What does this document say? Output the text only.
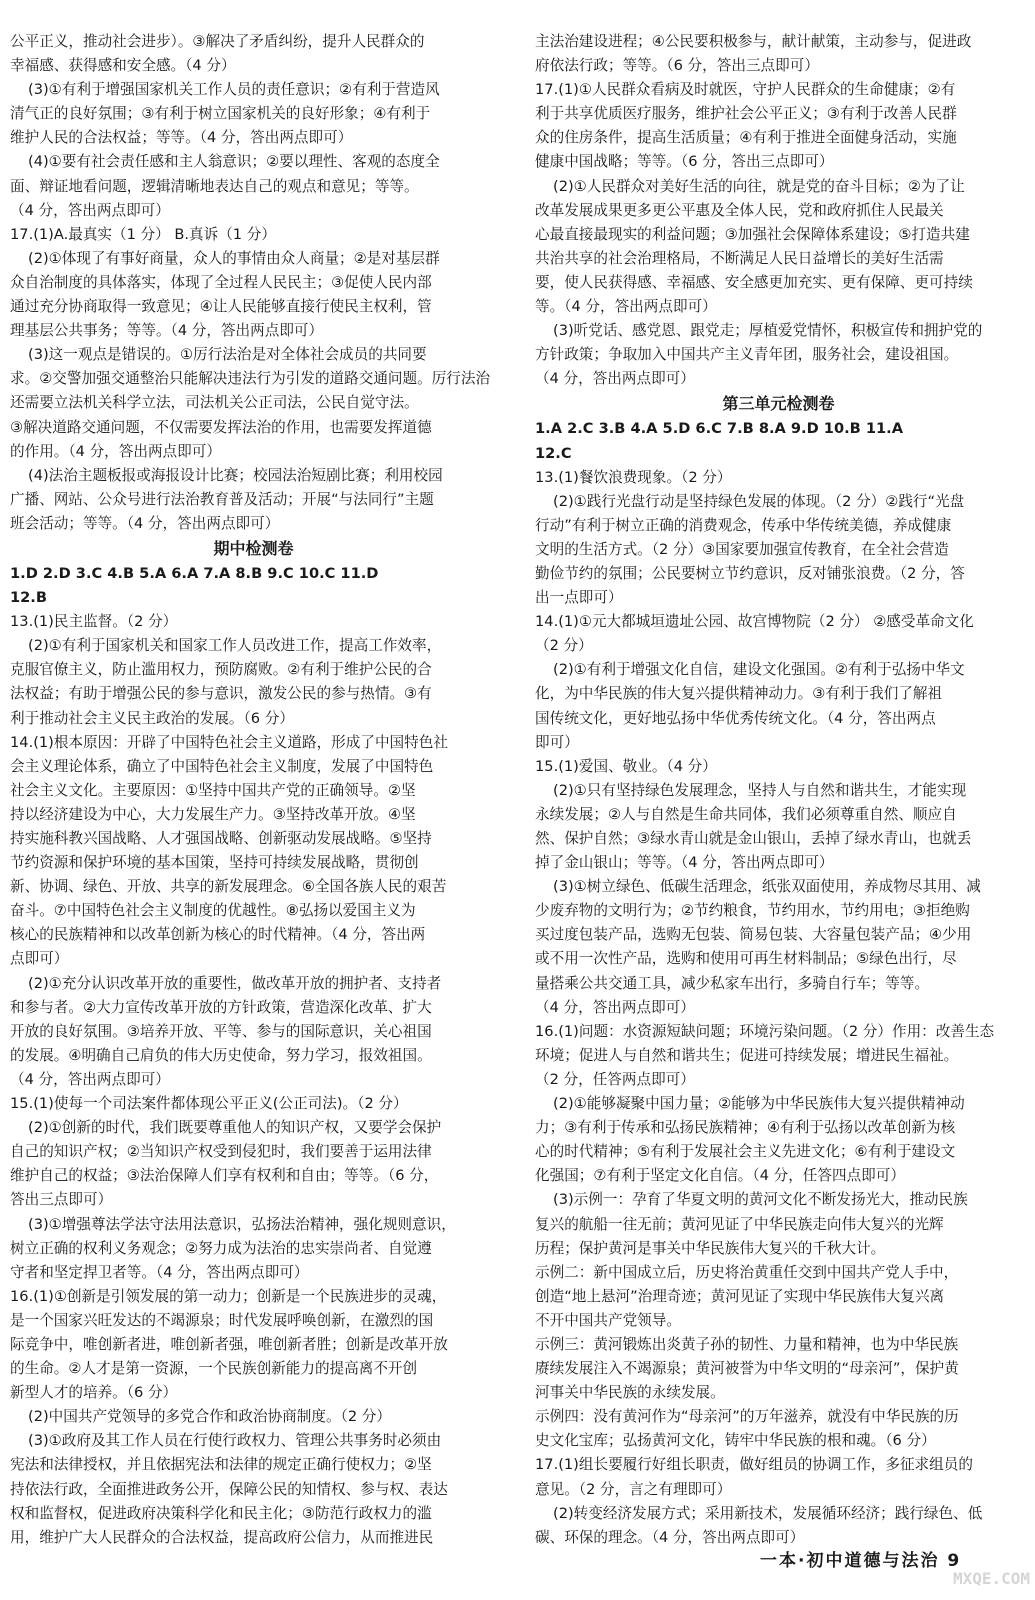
公平正义，推动社会进步）。③解决了矛盾纠纷，提升人民群众的
幸福感、获得感和安全感。（4 分）
(3)①有利于增强国家机关工作人员的责任意识；②有利于营造风
清气正的良好氛围；③有利于树立国家机关的良好形象；④有利于
维护人民的合法权益；等等。（4 分，答出两点即可）
(4)①要有社会责任感和主人翁意识；②要以理性、客观的态度全
面、辩证地看问题，逻辑清晰地表达自己的观点和意见；等等。
（4 分，答出两点即可）
17.(1)A.最真实（1 分） B.真诉（1 分）
(2)①体现了有事好商量，众人的事情由众人商量；②是对基层群
众自治制度的具体落实，体现了全过程人民民主；③促使人民内部
通过充分协商取得一致意见；④让人民能够直接行使民主权利，管
理基层公共事务；等等。（4 分，答出两点即可）
(3)这一观点是错误的。①厉行法治是对全体社会成员的共同要
求。②交警加强交通整治只能解决违法行为引发的道路交通问题。厉行法治
还需要立法机关科学立法，司法机关公正司法，公民自觉守法。
③解决道路交通问题，不仅需要发挥法治的作用，也需要发挥道德
的作用。（4 分，答出两点即可）
(4)法治主题板报或海报设计比赛；校园法治短剧比赛；利用校园
广播、网站、公众号进行法治教育普及活动；开展“与法同行”主题
班会活动；等等。（4 分，答出两点即可）
期中检测卷
1.D 2.D 3.C 4.B 5.A 6.A 7.A 8.B 9.C 10.C 11.D
12.B
13.(1)民主监督。（2 分）
(2)①有利于国家机关和国家工作人员改进工作，提高工作效率，
克服官僚主义，防止滥用权力，预防腐败。②有利于维护公民的合
法权益；有助于增强公民的参与意识，激发公民的参与热情。③有
利于推动社会主义民主政治的发展。（6 分）
14.(1)根本原因：开辟了中国特色社会主义道路，形成了中国特色社
会主义理论体系，确立了中国特色社会主义制度，发展了中国特色
社会主义文化。主要原因：①坚持中国共产党的正确领导。②坚
持以经济建设为中心，大力发展生产力。③坚持改革开放。④坚
持实施科教兴国战略、人才强国战略、创新驱动发展战略。⑤坚持
节约资源和保护环境的基本国策，坚持可持续发展战略，贯彻创
新、协调、绿色、开放、共享的新发展理念。⑥全国各族人民的艰苦
奋斗。⑦中国特色社会主义制度的优越性。⑧弘扬以爱国主义为
核心的民族精神和以改革创新为核心的时代精神。（4 分，答出两
点即可）
(2)①充分认识改革开放的重要性，做改革开放的拥护者、支持者
和参与者。②大力宣传改革开放的方针政策，营造深化改革、扩大
开放的良好氛围。③培养开放、平等、参与的国际意识，关心祖国
的发展。④明确自己肩负的伟大历史使命，努力学习，报效祖国。
（4 分，答出两点即可）
15.(1)使每一个司法案件都体现公平正义(公正司法)。（2 分）
(2)①创新的时代，我们既要尊重他人的知识产权，又要学会保护
自己的知识产权；②当知识产权受到侵犯时，我们要善于运用法律
维护自己的权益；③法治保障人们享有权利和自由；等等。（6 分，
答出三点即可）
(3)①增强尊法学法守法用法意识，弘扬法治精神，强化规则意识，
树立正确的权利义务观念；②努力成为法治的忠实崇尚者、自觉遵
守者和坚定捍卫者等。（4 分，答出两点即可）
16.(1)①创新是引领发展的第一动力；创新是一个民族进步的灵魂，
是一个国家兴旺发达的不竭源泉；时代发展呼唤创新，在激烈的国
际竞争中，唯创新者进，唯创新者强，唯创新者胜；创新是改革开放
的生命。②人才是第一资源，一个民族创新能力的提高离不开创
新型人才的培养。（6 分）
(2)中国共产党领导的多党合作和政治协商制度。（2 分）
(3)①政府及其工作人员在行使行政权力、管理公共事务时必须由
宪法和法律授权，并且依据宪法和法律的规定正确行使权力；②坚
持依法行政，全面推进政务公开，保障公民的知情权、参与权、表达
权和监督权，促进政府决策科学化和民主化；③防范行政权力的滥
用，维护广大人民群众的合法权益，提高政府公信力，从而推进民
主法治建设进程；④公民要积极参与，献计献策，主动参与，促进政
府依法行政；等等。（6 分，答出三点即可）
17.(1)①人民群众看病及时就医，守护人民群众的生命健康；②有
利于共享优质医疗服务，维护社会公平正义；③有利于改善人民群
众的住房条件，提高生活质量；④有利于推进全面健身活动，实施
健康中国战略；等等。（6 分，答出三点即可）
(2)①人民群众对美好生活的向往，就是党的奋斗目标；②为了让
改革发展成果更多更公平惠及全体人民，党和政府抓住人民最关
心最直接最现实的利益问题；③加强社会保障体系建设；⑤打造共建
共治共享的社会治理格局，不断满足人民日益增长的美好生活需
要，使人民获得感、幸福感、安全感更加充实、更有保障、更可持续
等。（4 分，答出两点即可）
(3)听党话、感党恩、跟党走；厚植爱党情怀，积极宣传和拥护党的
方针政策；争取加入中国共产主义青年团，服务社会，建设祖国。
（4 分，答出两点即可）
第三单元检测卷
1.A 2.C 3.B 4.A 5.D 6.C 7.B 8.A 9.D 10.B 11.A
12.C
13.(1)餐饮浪费现象。（2 分）
(2)①践行光盘行动是坚持绿色发展的体现。（2 分）②践行“光盘
行动”有利于树立正确的消费观念，传承中华传统美德，养成健康
文明的生活方式。（2 分）③国家要加强宣传教育，在全社会营造
勤俭节约的氛围；公民要树立节约意识，反对铺张浪费。（2 分，答
出一点即可）
14.(1)①元大都城垣遗址公园、故宫博物院（2 分） ②感受革命文化
（2 分）
(2)①有利于增强文化自信，建设文化强国。②有利于弘扬中华文
化，为中华民族的伟大复兴提供精神动力。③有利于我们了解祖
国传统文化，更好地弘扬中华优秀传统文化。（4 分，答出两点
即可）
15.(1)爱国、敬业。（4 分）
(2)①只有坚持绿色发展理念，坚持人与自然和谐共生，才能实现
永续发展；②人与自然是生命共同体，我们必须尊重自然、顺应自
然、保护自然；③绿水青山就是金山银山，丢掉了绿水青山，也就丢
掉了金山银山；等等。（4 分，答出两点即可）
(3)①树立绿色、低碳生活理念，纸张双面使用，养成物尽其用、减
少废弃物的文明行为；②节约粮食，节约用水，节约用电；③拒绝购
买过度包装产品，选购无包装、简易包装、大容量包装产品；④少用
或不用一次性产品，选购和使用可再生材料制品；⑤绿色出行，尽
量搭乘公共交通工具，减少私家车出行，多骑自行车；等等。
（4 分，答出两点即可）
16.(1)问题：水资源短缺问题；环境污染问题。（2 分）作用：改善生态
环境；促进人与自然和谐共生；促进可持续发展；增进民生福祉。
（2 分，任答两点即可）
(2)①能够凝聚中国力量；②能够为中华民族伟大复兴提供精神动
力；③有利于传承和弘扬民族精神；④有利于弘扬以改革创新为核
心的时代精神；⑤有利于发展社会主义先进文化；⑥有利于建设文
化强国；⑦有利于坚定文化自信。（4 分，任答四点即可）
(3)示例一：孕育了华夏文明的黄河文化不断发扬光大，推动民族
复兴的航船一往无前；黄河见证了中华民族走向伟大复兴的光辉
历程；保护黄河是事关中华民族伟大复兴的千秋大计。
示例二：新中国成立后，历史将治黄重任交到中国共产党人手中，
创造“地上悬河”治理奇迹；黄河见证了实现中华民族伟大复兴离
不开中国共产党领导。
示例三：黄河锻炼出炎黄子孙的韧性、力量和精神，也为中华民族
赓续发展注入不竭源泉；黄河被誉为中华文明的“母亲河”，保护黄
河事关中华民族的永续发展。
示例四：没有黄河作为“母亲河”的万年滋养，就没有中华民族的历
史文化宝库；弘扬黄河文化，铸牢中华民族的根和魂。（6 分）
17.(1)组长要履行好组长职责，做好组员的协调工作，多征求组员的
意见。（2 分，言之有理即可）
(2)转变经济发展方式；采用新技术，发展循环经济；践行绿色、低
碳、环保的理念。（4 分，答出两点即可）
一本·初中道德与法治 9
MXQE.COM
